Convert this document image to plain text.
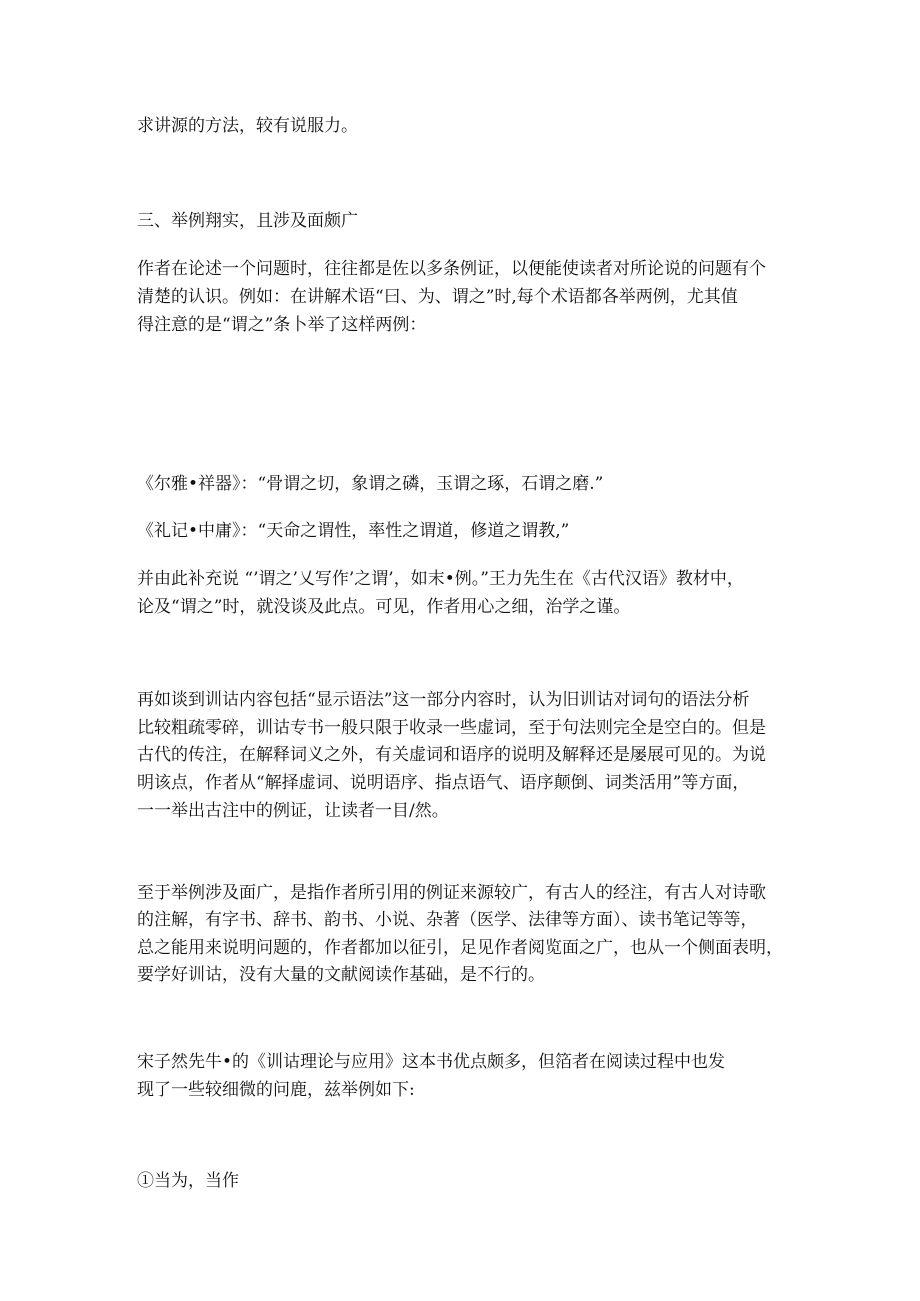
求讲源的方法，较有说服力。
三、举例翔实，且涉及面颇广
作者在论述一个问题时，往往都是佐以多条例证，以便能使读者对所论说的问题有个
清楚的认识。例如：在讲解术语“曰、为、谓之”时,每个术语都各举两例，尤其值
得注意的是“谓之”条卜举了这样两例：
《尔雅•祥器》：“骨谓之切，象谓之磷，玉谓之琢，石谓之磨.”
《礼记•中庸》：“天命之谓性，率性之谓道，修道之谓教,”
并由此补充说 “’谓之’乂写作’之谓’，如末•例。”王力先生在《古代汉语》教材中，
论及“谓之”时，就没谈及此点。可见，作者用心之细，治学之谨。
再如谈到训诂内容包括“显示语法”这一部分内容时，认为旧训诂对词句的语法分析
比较粗疏零碎，训诂专书一般只限于收录一些虚词，至于句法则完全是空白的。但是
古代的传注，在解释词义之外，有关虚词和语序的说明及解释还是屡展可见的。为说
明该点，作者从“解择虚词、说明语序、指点语气、语序颠倒、词类活用”等方面，
一一举出古注中的例证，让读者一目/然。
至于举例涉及面广，是指作者所引用的例证来源较广，有古人的经注，有古人对诗歌
的注解，有字书、辞书、韵书、小说、杂著（医学、法律等方面）、读书笔记等等，
总之能用来说明问题的，作者都加以征引，足见作者阅览面之广，也从一个侧面表明，
要学好训诂，没有大量的文献阅读作基础，是不行的。
宋子然先牛•的《训诂理论与应用》这本书优点颇多，但箔者在阅读过程中也发
现了一些较细微的问鹿，兹举例如下:
①当为，当作
